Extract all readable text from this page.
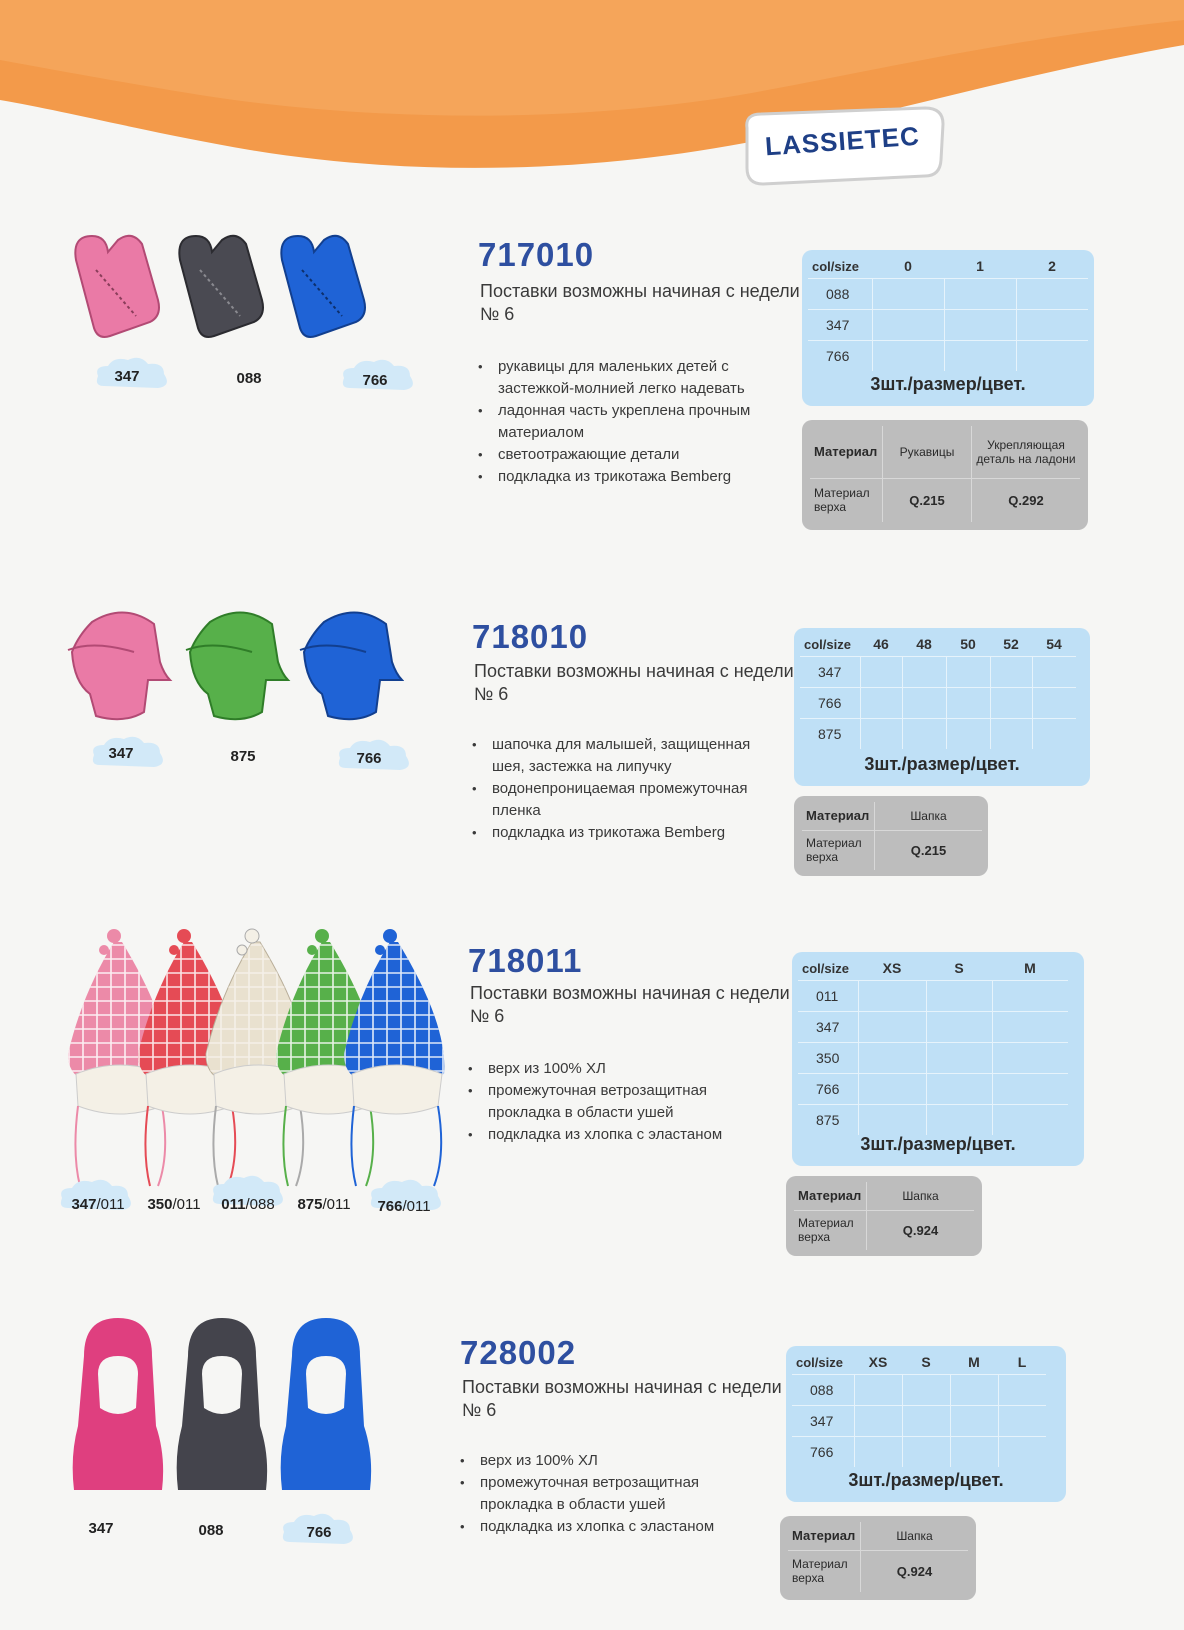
LASSIETEC
347	088	766
717010
Поставки возможны начиная с недели № 6
• рукавицы для маленьких детей с застежкой-молнией легко надевать
• ладонная часть укреплена прочным материалом
• светоотражающие детали
• подкладка из трикотажа Bemberg
col/size	0	1	2
088			
347			
766			
3шт./размер/цвет.
Материал	Рукавицы	Укрепляющая деталь на ладони
Материал верха	Q.215	Q.292
347	875	766
718010
Поставки возможны начиная с недели № 6
• шапочка для малышей, защищенная шея, застежка на липучку
• водонепроницаемая промежуточная пленка
• подкладка из трикотажа Bemberg
col/size	46	48	50	52	54
347					
766					
875					
3шт./размер/цвет.
Материал	Шапка
Материал верха	Q.215
347/011	350/011	011/088	875/011	766/011
718011
Поставки возможны начиная с недели № 6
• верх из 100% ХЛ
• промежуточная ветрозащитная прокладка в области ушей
• подкладка из хлопка с эластаном
col/size	XS	S	M
011			
347			
350			
766			
875			
3шт./размер/цвет.
Материал	Шапка
Материал верха	Q.924
347	088	766
728002
Поставки возможны начиная с недели № 6
• верх из 100% ХЛ
• промежуточная ветрозащитная прокладка в области ушей
• подкладка из хлопка с эластаном
col/size	XS	S	M	L
088				
347				
766				
3шт./размер/цвет.
Материал	Шапка
Материал верха	Q.924
